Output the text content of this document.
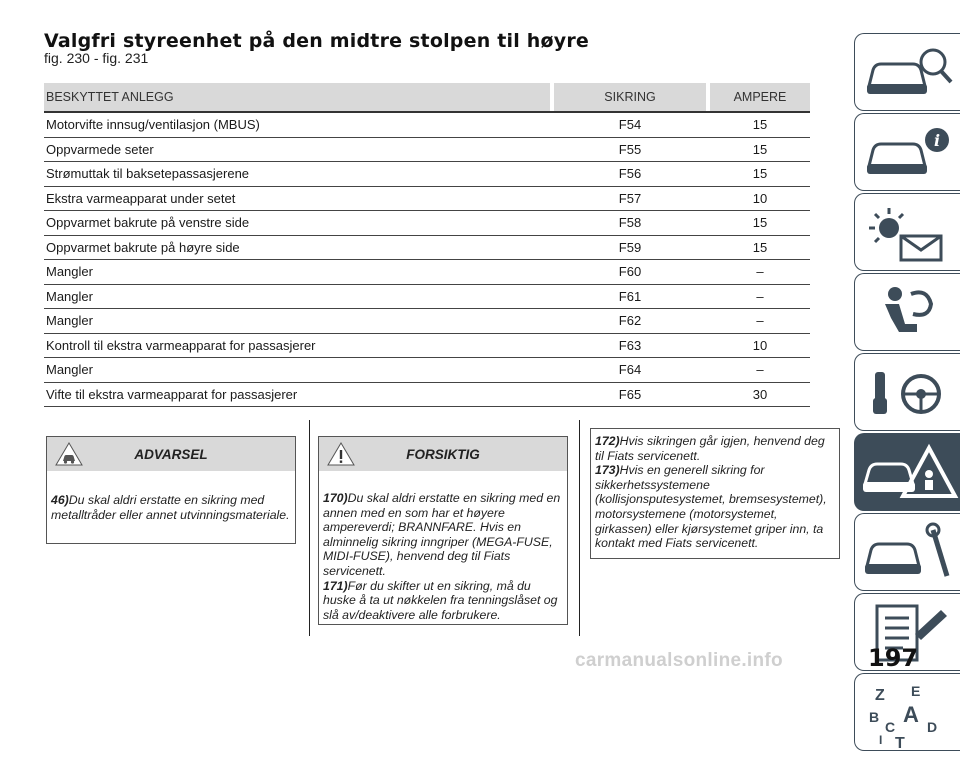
Valgfri styreenhet på den midtre stolpen til høyre
fig. 230 - fig. 231
BESKYTTET ANLEGG	SIKRING	AMPERE
Motorvifte innsug/ventilasjon (MBUS)	F54	15
Oppvarmede seter	F55	15
Strømuttak til baksetepassasjerene	F56	15
Ekstra varmeapparat under setet	F57	10
Oppvarmet bakrute på venstre side	F58	15
Oppvarmet bakrute på høyre side	F59	15
Mangler	F60	–
Mangler	F61	–
Mangler	F62	–
Kontroll til ekstra varmeapparat for passasjerer	F63	10
Mangler	F64	–
Vifte til ekstra varmeapparat for passasjerer	F65	30
ADVARSEL
46)Du skal aldri erstatte en sikring med metalltråder eller annet utvinningsmateriale.
FORSIKTIG
170)Du skal aldri erstatte en sikring med en annen med en som har et høyere ampereverdi; BRANNFARE. Hvis en alminnelig sikring inngriper (MEGA-FUSE, MIDI-FUSE), henvend deg til Fiats servicenett.
171)Før du skifter ut en sikring, må du huske å ta ut nøkkelen fra tenningslåset og slå av/deaktivere alle forbrukere.
172)Hvis sikringen går igjen, henvend deg til Fiats servicenett.
173)Hvis en generell sikring for sikkerhetssystemene (kollisjonsputesystemet, bremsesystemet), motorsystemene (motorsystemet, girkassen) eller kjørsystemet griper inn, ta kontakt med Fiats servicenett.
i
Z E
B A
C D
T
I
carmanualsonline.info	197
